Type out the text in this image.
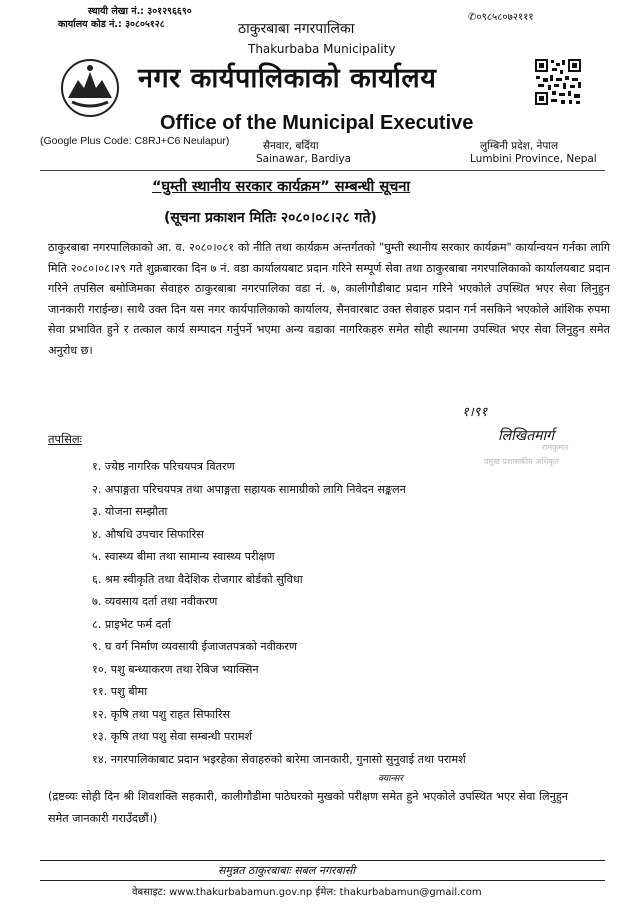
स्थायी लेखा नं.: ३०१२९६६९०
कार्यालय कोड नं.: ३०८०५१२८
✆०९८५८०७२१११
ठाकुरबाबा नगरपालिका
Thakurbaba Municipality
नगर कार्यपालिकाको कार्यालय
Office of the Municipal Executive
(Google Plus Code: C8RJ+C6 Neulapur)	सैनवार, बर्दिया
Sainawar, Bardiya
लुम्बिनी प्रदेश, नेपाल
Lumbini Province, Nepal
“घुम्ती स्थानीय सरकार कार्यक्रम” सम्बन्धी सूचना
(सूचना प्रकाशन मितिः २०८०।०८।२८ गते)
ठाकुरबाबा नगरपालिकाको आ. व. २०८०।०८१ को नीति तथा कार्यक्रम अन्तर्गतको "घुम्ती स्थानीय सरकार कार्यक्रम" कार्यान्वयन गर्नका लागि मिति २०८०।०८।२९ गते शुक्रबारका दिन ७ नं. वडा कार्यालयबाट प्रदान गरिने सम्पूर्ण सेवा तथा ठाकुरबाबा नगरपालिकाको कार्यालयबाट प्रदान गरिने तपसिल बमोजिमका सेवाहरु ठाकुरबाबा नगरपालिका वडा नं. ७, कालीगौडीबाट प्रदान गरिने भएकोले उपस्थित भएर सेवा लिनुहुन जानकारी गराईन्छ। साथै उक्त दिन यस नगर कार्यपालिकाको कार्यालय, सैनवारबाट उक्त सेवाहरु प्रदान गर्न नसकिने भएकोले आंशिक रुपमा सेवा प्रभावित हुने र तत्काल कार्य सम्पादन गर्नुपर्ने भएमा अन्य वडाका नागरिकहरु समेत सोही स्थानमा उपस्थित भएर सेवा लिनुहुन समेत अनुरोध छ।
१।९१
लिखितमार्ग
रामकुमार
प्रमुख प्रशासकीय अधिकृत
तपसिलः
१. ज्येष्ठ नागरिक परिचयपत्र वितरण
२. अपाङ्गता परिचयपत्र तथा अपाङ्गता सहायक सामाग्रीको लागि निवेदन सङ्कलन
३. योजना सम्झौता
४. औषधि उपचार सिफारिस
५. स्वास्थ्य बीमा तथा सामान्य स्वास्थ्य परीक्षण
६. श्रम स्वीकृति तथा वैदेशिक रोजगार बोर्डको सुविधा
७. व्यवसाय दर्ता तथा नवीकरण
८. प्राइभेट फर्म दर्ता
९. घ वर्ग निर्माण व्यवसायी ईजाजतपत्रको नवीकरण
१०. पशु बन्ध्याकरण तथा रेबिज भ्याक्सिन
११. पशु बीमा
१२. कृषि तथा पशु राहत सिफारिस
१३. कृषि तथा पशु सेवा सम्बन्धी परामर्श
१४. नगरपालिकाबाट प्रदान भइरहेका सेवाहरुको बारेमा जानकारी, गुनासो सुनुवाई तथा परामर्श
क्यान्सर
(द्रष्टव्यः सोही दिन श्री शिवशक्ति सहकारी, कालीगौडीमा पाठेघरको मुखको परीक्षण समेत हुने भएकोले उपस्थित भएर सेवा लिनुहुन समेत जानकारी गराउँदछौं।)
समुन्नत ठाकुरबाबाः सबल नगरबासी
वेबसाइट: www.thakurbabamun.gov.np ईमेल: thakurbabamun@gmail.com
